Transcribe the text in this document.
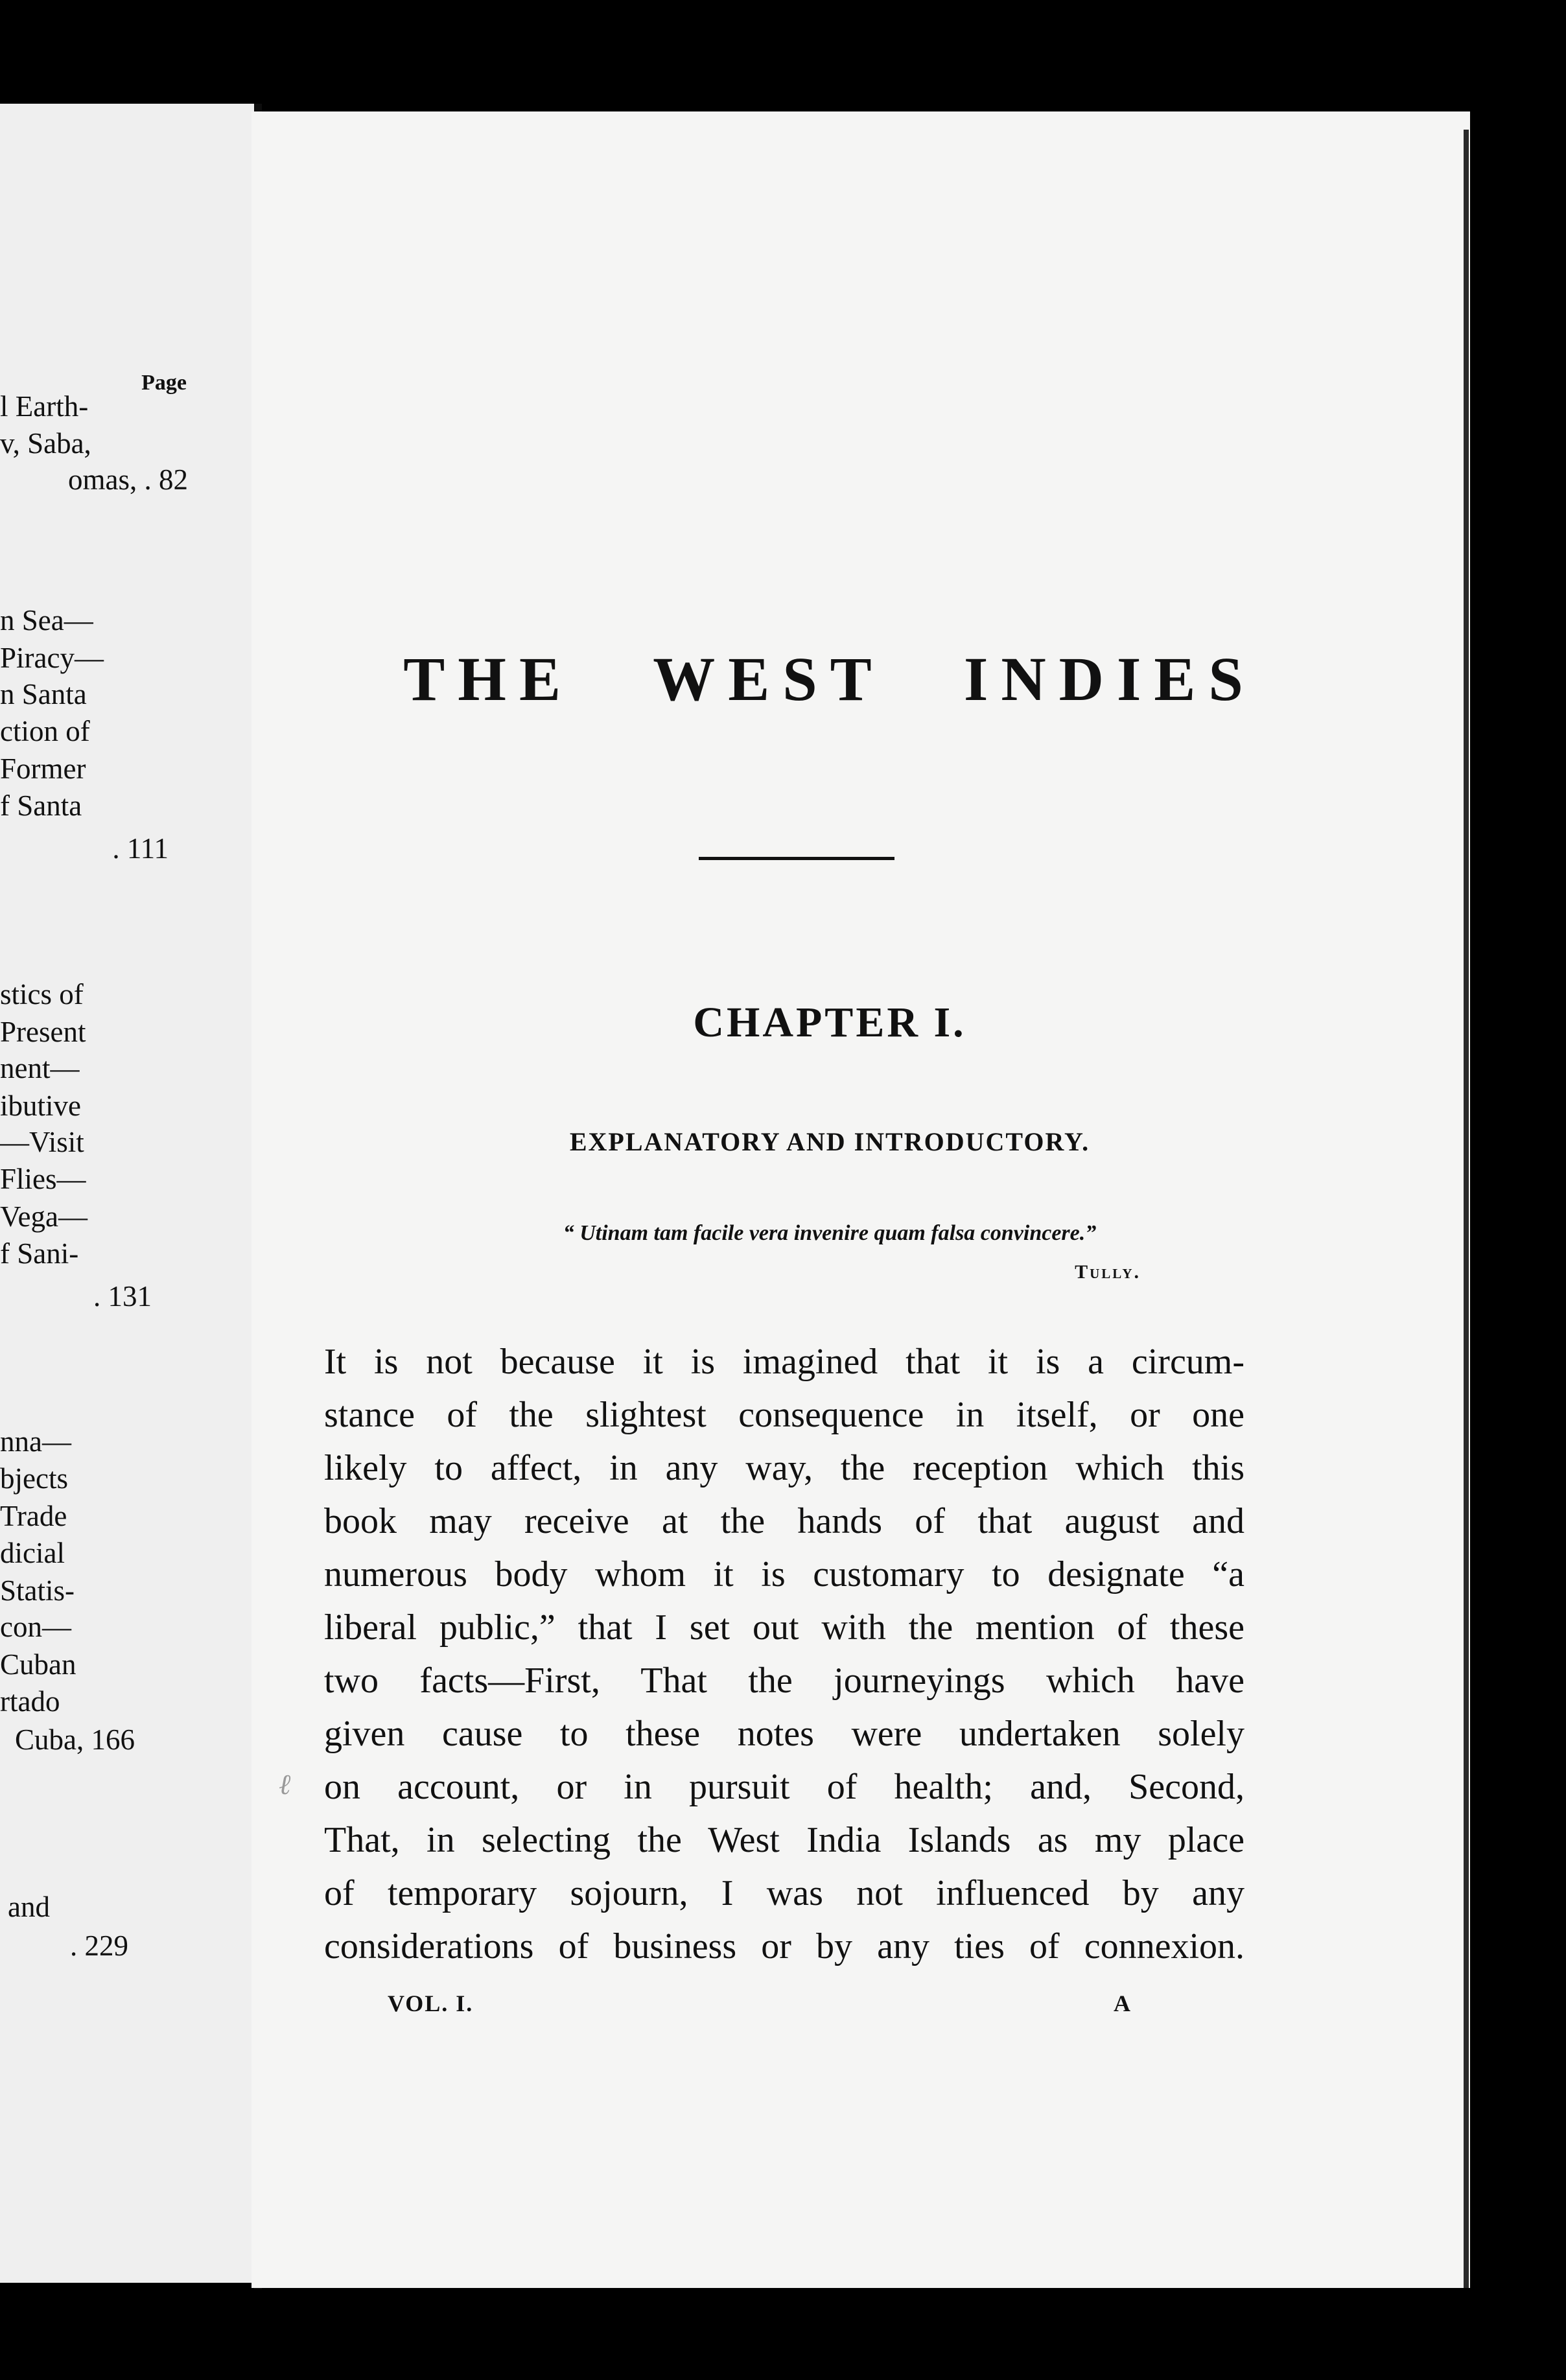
Page
l Earth-
v, Saba,
omas, . 82
n Sea—
Piracy—
n Santa
ction of
Former
f Santa
. 111
stics of
Present
nent—
ibutive
—Visit
Flies—
Vega—
f Sani-
. 131
nna—
bjects
Trade
dicial
Statis-
con—
Cuban
rtado
Cuba, 166
and
. 229
THE WEST INDIES
CHAPTER I.
EXPLANATORY AND INTRODUCTORY.
“ Utinam tam facile vera invenire quam falsa convincere.”
Tully.
It is not because it is imagined that it is a circum-
stance of the slightest consequence in itself, or one
likely to affect, in any way, the reception which this
book may receive at the hands of that august and
numerous body whom it is customary to designate “a
liberal public,” that I set out with the mention of these
two facts—First, That the journeyings which have
given cause to these notes were undertaken solely
on account, or in pursuit of health; and, Second,
That, in selecting the West India Islands as my place
of temporary sojourn, I was not influenced by any
considerations of business or by any ties of connexion.
ℓ
VOL. I.	A
